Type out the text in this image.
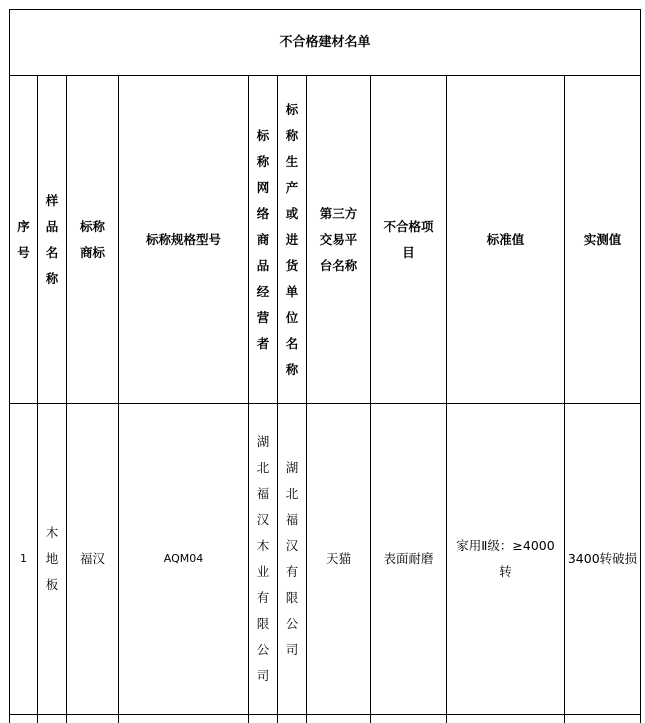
不合格建材名单									

序号	样品名称	标称商标	标称规格型号	标称网络商品经营者	标称生产或进货单位名称	第三方交易平台名称	不合格项目	标准值	实测值
1	木地板	福汉	AQM04	湖北福汉木业有限公司	湖北福汉有限公司	天猫	表面耐磨	家用Ⅱ级：≥4000转	3400转破损
